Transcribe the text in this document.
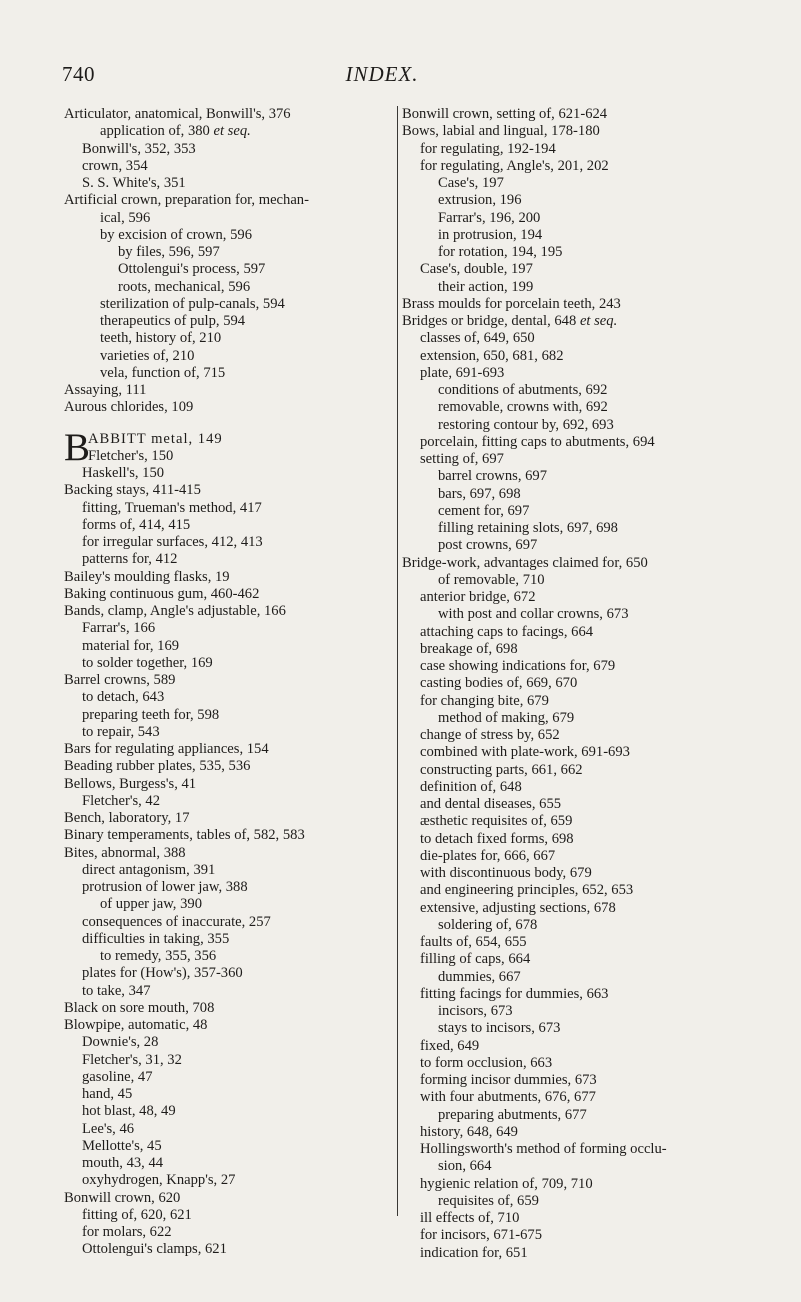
740	INDEX.
Articulator, anatomical, Bonwill's, 376
application of, 380 et seq.
Bonwill's, 352, 353
crown, 354
S. S. White's, 351
Artificial crown, preparation for, mechan-
ical, 596
by excision of crown, 596
by files, 596, 597
Ottolengui's process, 597
roots, mechanical, 596
sterilization of pulp-canals, 594
therapeutics of pulp, 594
teeth, history of, 210
varieties of, 210
vela, function of, 715
Assaying, 111
Aurous chlorides, 109
B
ABBITT metal, 149
Fletcher's, 150
Haskell's, 150
Backing stays, 411-415
fitting, Trueman's method, 417
forms of, 414, 415
for irregular surfaces, 412, 413
patterns for, 412
Bailey's moulding flasks, 19
Baking continuous gum, 460-462
Bands, clamp, Angle's adjustable, 166
Farrar's, 166
material for, 169
to solder together, 169
Barrel crowns, 589
to detach, 643
preparing teeth for, 598
to repair, 543
Bars for regulating appliances, 154
Beading rubber plates, 535, 536
Bellows, Burgess's, 41
Fletcher's, 42
Bench, laboratory, 17
Binary temperaments, tables of, 582, 583
Bites, abnormal, 388
direct antagonism, 391
protrusion of lower jaw, 388
of upper jaw, 390
consequences of inaccurate, 257
difficulties in taking, 355
to remedy, 355, 356
plates for (How's), 357-360
to take, 347
Black on sore mouth, 708
Blowpipe, automatic, 48
Downie's, 28
Fletcher's, 31, 32
gasoline, 47
hand, 45
hot blast, 48, 49
Lee's, 46
Mellotte's, 45
mouth, 43, 44
oxyhydrogen, Knapp's, 27
Bonwill crown, 620
fitting of, 620, 621
for molars, 622
Ottolengui's clamps, 621
Bonwill crown, setting of, 621-624
Bows, labial and lingual, 178-180
for regulating, 192-194
for regulating, Angle's, 201, 202
Case's, 197
extrusion, 196
Farrar's, 196, 200
in protrusion, 194
for rotation, 194, 195
Case's, double, 197
their action, 199
Brass moulds for porcelain teeth, 243
Bridges or bridge, dental, 648 et seq.
classes of, 649, 650
extension, 650, 681, 682
plate, 691-693
conditions of abutments, 692
removable, crowns with, 692
restoring contour by, 692, 693
porcelain, fitting caps to abutments, 694
setting of, 697
barrel crowns, 697
bars, 697, 698
cement for, 697
filling retaining slots, 697, 698
post crowns, 697
Bridge-work, advantages claimed for, 650
of removable, 710
anterior bridge, 672
with post and collar crowns, 673
attaching caps to facings, 664
breakage of, 698
case showing indications for, 679
casting bodies of, 669, 670
for changing bite, 679
method of making, 679
change of stress by, 652
combined with plate-work, 691-693
constructing parts, 661, 662
definition of, 648
and dental diseases, 655
æsthetic requisites of, 659
to detach fixed forms, 698
die-plates for, 666, 667
with discontinuous body, 679
and engineering principles, 652, 653
extensive, adjusting sections, 678
soldering of, 678
faults of, 654, 655
filling of caps, 664
dummies, 667
fitting facings for dummies, 663
incisors, 673
stays to incisors, 673
fixed, 649
to form occlusion, 663
forming incisor dummies, 673
with four abutments, 676, 677
preparing abutments, 677
history, 648, 649
Hollingsworth's method of forming occlu-
sion, 664
hygienic relation of, 709, 710
requisites of, 659
ill effects of, 710
for incisors, 671-675
indication for, 651
